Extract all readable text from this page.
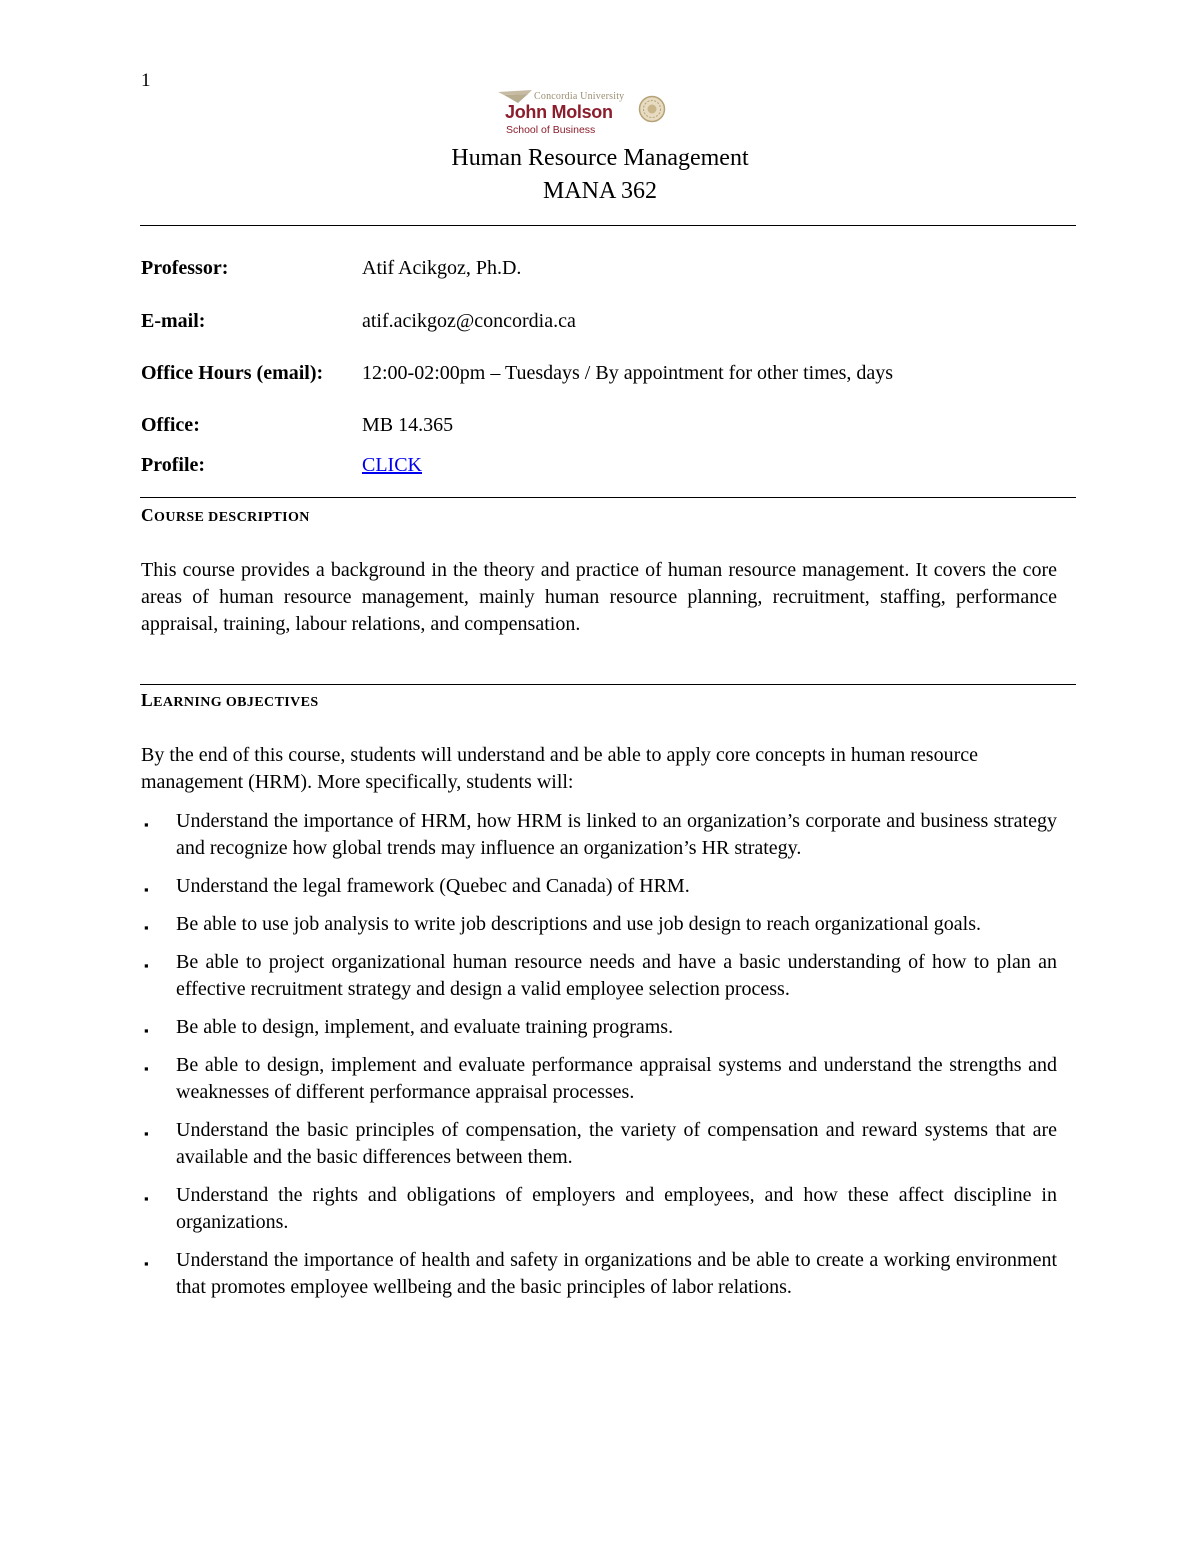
1
Concordia University
John Molson
School of Business
Human Resource Management
MANA 362
Professor:	Atif Acikgoz, Ph.D.
E-mail:	atif.acikgoz@concordia.ca
Office Hours (email): 12:00-02:00pm – Tuesdays / By appointment for other times, days
Office:	MB 14.365
Profile:	CLICK
COURSE DESCRIPTION
This course provides a background in the theory and practice of human resource management. It covers the core areas of human resource management, mainly human resource planning, recruitment, staffing, performance appraisal, training, labour relations, and compensation.
LEARNING OBJECTIVES
By the end of this course, students will understand and be able to apply core concepts in human resource management (HRM). More specifically, students will:
▪ Understand the importance of HRM, how HRM is linked to an organization’s corporate and business strategy and recognize how global trends may influence an organization’s HR strategy.
▪ Understand the legal framework (Quebec and Canada) of HRM.
▪ Be able to use job analysis to write job descriptions and use job design to reach organizational goals.
▪ Be able to project organizational human resource needs and have a basic understanding of how to plan an effective recruitment strategy and design a valid employee selection process.
▪ Be able to design, implement, and evaluate training programs.
▪ Be able to design, implement and evaluate performance appraisal systems and understand the strengths and weaknesses of different performance appraisal processes.
▪ Understand the basic principles of compensation, the variety of compensation and reward systems that are available and the basic differences between them.
▪ Understand the rights and obligations of employers and employees, and how these affect discipline in organizations.
▪ Understand the importance of health and safety in organizations and be able to create a working environment that promotes employee wellbeing and the basic principles of labor relations.
